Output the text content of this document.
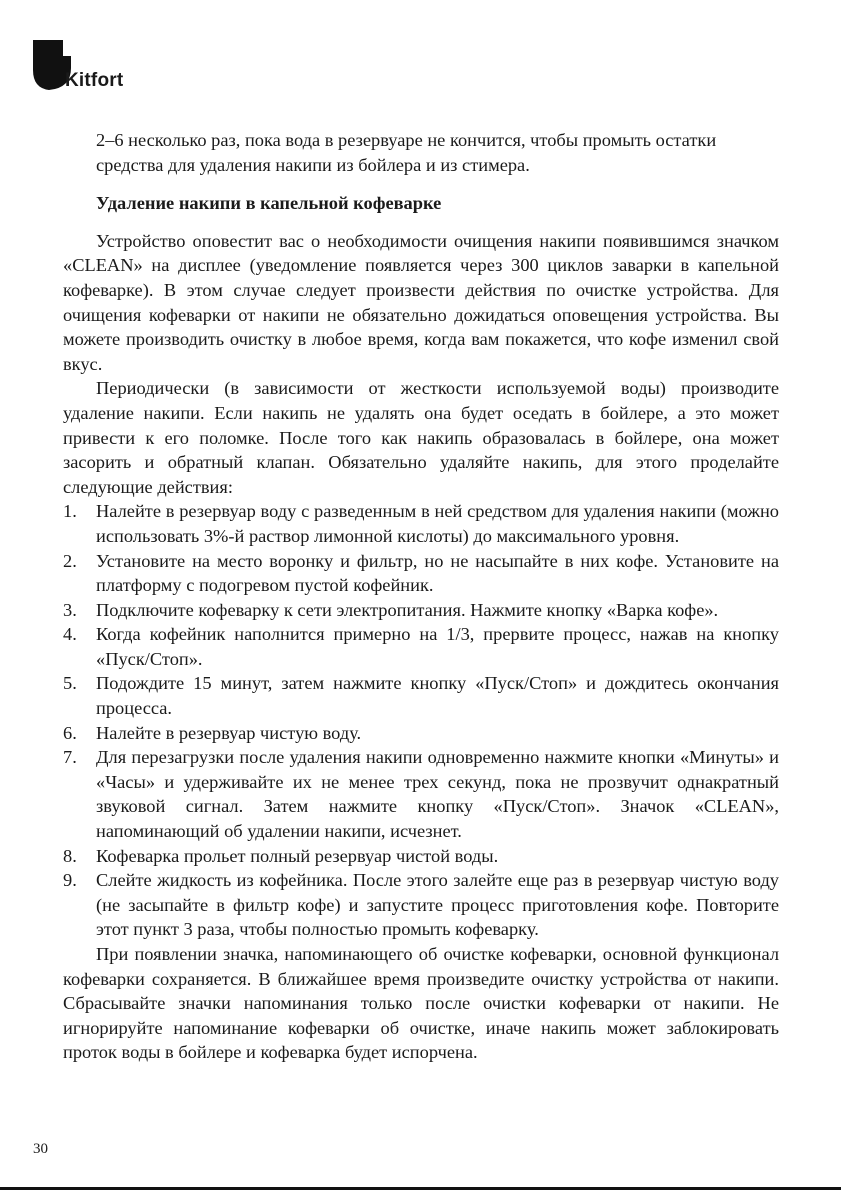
Kitfort

2–6 несколько раз, пока вода в резервуаре не кончится, чтобы промыть остатки средства для удаления накипи из бойлера и из стимера.

Удаление накипи в капельной кофеварке

Устройство оповестит вас о необходимости очищения накипи появившимся значком «CLEAN» на дисплее (уведомление появляется через 300 циклов заварки в капельной кофеварке). В этом случае следует произвести действия по очистке устройства. Для очищения кофеварки от накипи не обязательно дожидаться оповещения устройства. Вы можете производить очистку в любое время, когда вам покажется, что кофе изменил свой вкус.

Периодически (в зависимости от жесткости используемой воды) производите удаление накипи. Если накипь не удалять она будет оседать в бойлере, а это может привести к его поломке. После того как накипь образовалась в бойлере, она может засорить и обратный клапан. Обязательно удаляйте накипь, для этого проделайте следующие действия:

1. Налейте в резервуар воду с разведенным в ней средством для удаления накипи (можно использовать 3%-й раствор лимонной кислоты) до максимального уровня.
2. Установите на место воронку и фильтр, но не насыпайте в них кофе. Установите на платформу с подогревом пустой кофейник.
3. Подключите кофеварку к сети электропитания. Нажмите кнопку «Варка кофе».
4. Когда кофейник наполнится примерно на 1/3, прервите процесс, нажав на кнопку «Пуск/Стоп».
5. Подождите 15 минут, затем нажмите кнопку «Пуск/Стоп» и дождитесь окончания процесса.
6. Налейте в резервуар чистую воду.
7. Для перезагрузки после удаления накипи одновременно нажмите кнопки «Минуты» и «Часы» и удерживайте их не менее трех секунд, пока не прозвучит однакратный звуковой сигнал. Затем нажмите кнопку «Пуск/Стоп». Значок «CLEAN», напоминающий об удалении накипи, исчезнет.
8. Кофеварка прольет полный резервуар чистой воды.
9. Слейте жидкость из кофейника. После этого залейте еще раз в резервуар чистую воду (не засыпайте в фильтр кофе) и запустите процесс приготовления кофе. Повторите этот пункт 3 раза, чтобы полностью промыть кофеварку.

При появлении значка, напоминающего об очистке кофеварки, основной функционал кофеварки сохраняется. В ближайшее время произведите очистку устройства от накипи. Сбрасывайте значки напоминания только после очистки кофеварки от накипи. Не игнорируйте напоминание кофеварки об очистке, иначе накипь может заблокировать проток воды в бойлере и кофеварка будет испорчена.

30
